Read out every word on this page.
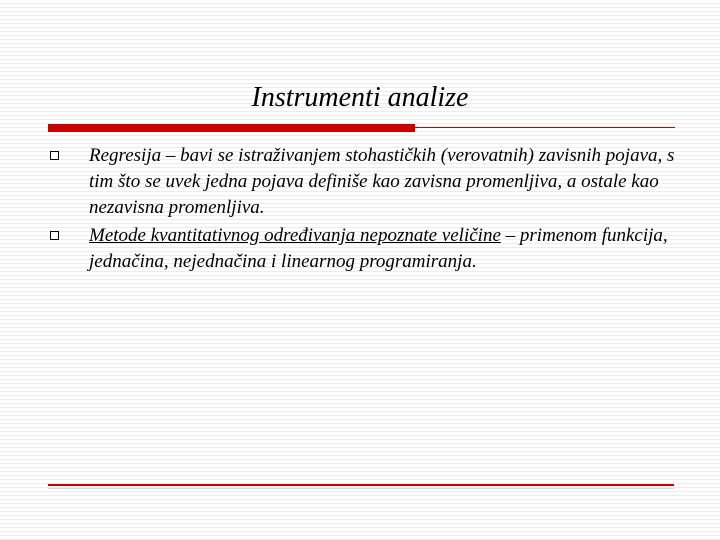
Instrumenti analize
Regresija – bavi se istraživanjem stohastičkih (verovatnih) zavisnih pojava, s tim što se uvek jedna pojava definiše kao zavisna promenljiva, a ostale kao nezavisna promenljiva.
Metode kvantitativnog određivanja nepoznate veličine – primenom funkcija, jednačina, nejednačina i linearnog programiranja.
